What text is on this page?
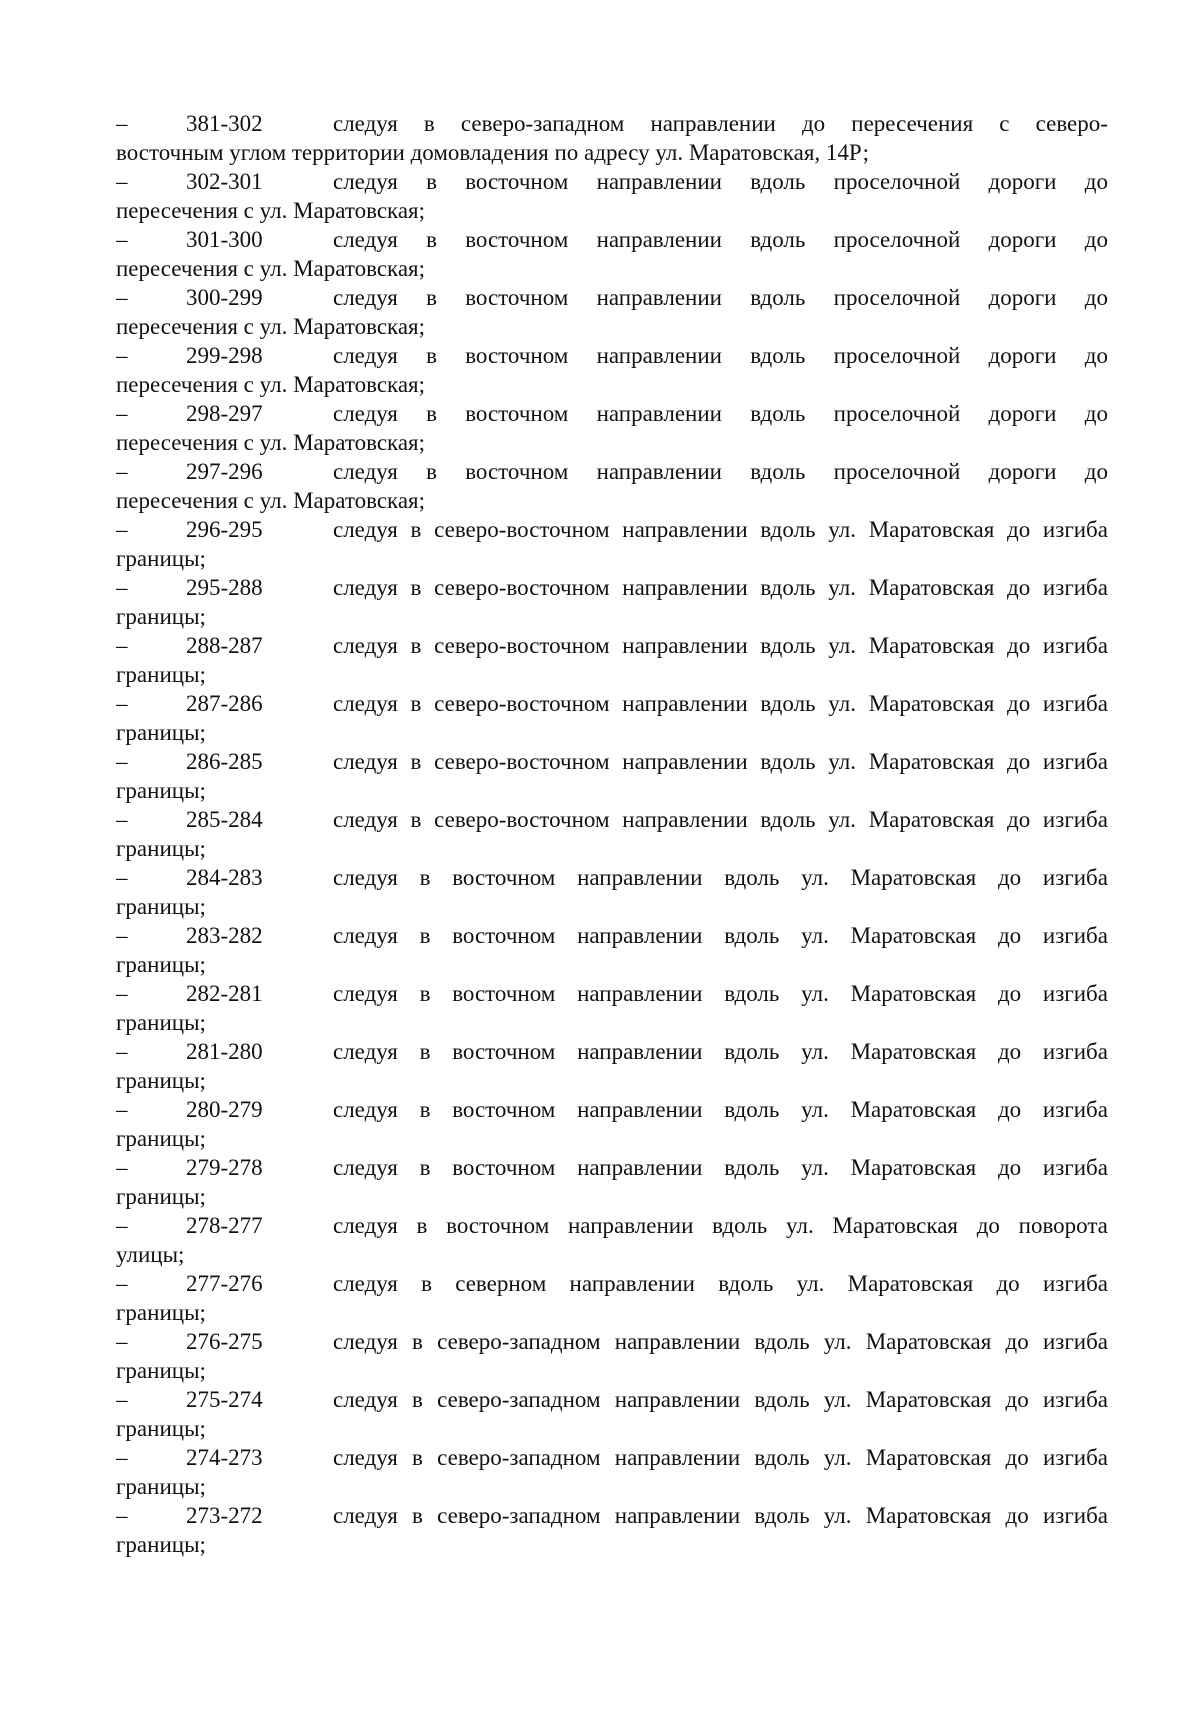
–	381-302	следуя в северо-западном направлении до пересечения с северо-
восточным углом территории домовладения по адресу ул. Маратовская, 14Р;
–	302-301	следуя в восточном направлении вдоль проселочной дороги до
пересечения с ул. Маратовская;
–	301-300	следуя в восточном направлении вдоль проселочной дороги до
пересечения с ул. Маратовская;
–	300-299	следуя в восточном направлении вдоль проселочной дороги до
пересечения с ул. Маратовская;
–	299-298	следуя в восточном направлении вдоль проселочной дороги до
пересечения с ул. Маратовская;
–	298-297	следуя в восточном направлении вдоль проселочной дороги до
пересечения с ул. Маратовская;
–	297-296	следуя в восточном направлении вдоль проселочной дороги до
пересечения с ул. Маратовская;
–	296-295	следуя в северо-восточном направлении вдоль ул. Маратовская до изгиба
границы;
–	295-288	следуя в северо-восточном направлении вдоль ул. Маратовская до изгиба
границы;
–	288-287	следуя в северо-восточном направлении вдоль ул. Маратовская до изгиба
границы;
–	287-286	следуя в северо-восточном направлении вдоль ул. Маратовская до изгиба
границы;
–	286-285	следуя в северо-восточном направлении вдоль ул. Маратовская до изгиба
границы;
–	285-284	следуя в северо-восточном направлении вдоль ул. Маратовская до изгиба
границы;
–	284-283	следуя в восточном направлении вдоль ул. Маратовская до изгиба
границы;
–	283-282	следуя в восточном направлении вдоль ул. Маратовская до изгиба
границы;
–	282-281	следуя в восточном направлении вдоль ул. Маратовская до изгиба
границы;
–	281-280	следуя в восточном направлении вдоль ул. Маратовская до изгиба
границы;
–	280-279	следуя в восточном направлении вдоль ул. Маратовская до изгиба
границы;
–	279-278	следуя в восточном направлении вдоль ул. Маратовская до изгиба
границы;
–	278-277	следуя в восточном направлении вдоль ул. Маратовская до поворота
улицы;
–	277-276	следуя в северном направлении вдоль ул. Маратовская до изгиба
границы;
–	276-275	следуя в северо-западном направлении вдоль ул. Маратовская до изгиба
границы;
–	275-274	следуя в северо-западном направлении вдоль ул. Маратовская до изгиба
границы;
–	274-273	следуя в северо-западном направлении вдоль ул. Маратовская до изгиба
границы;
–	273-272	следуя в северо-западном направлении вдоль ул. Маратовская до изгиба
границы;
